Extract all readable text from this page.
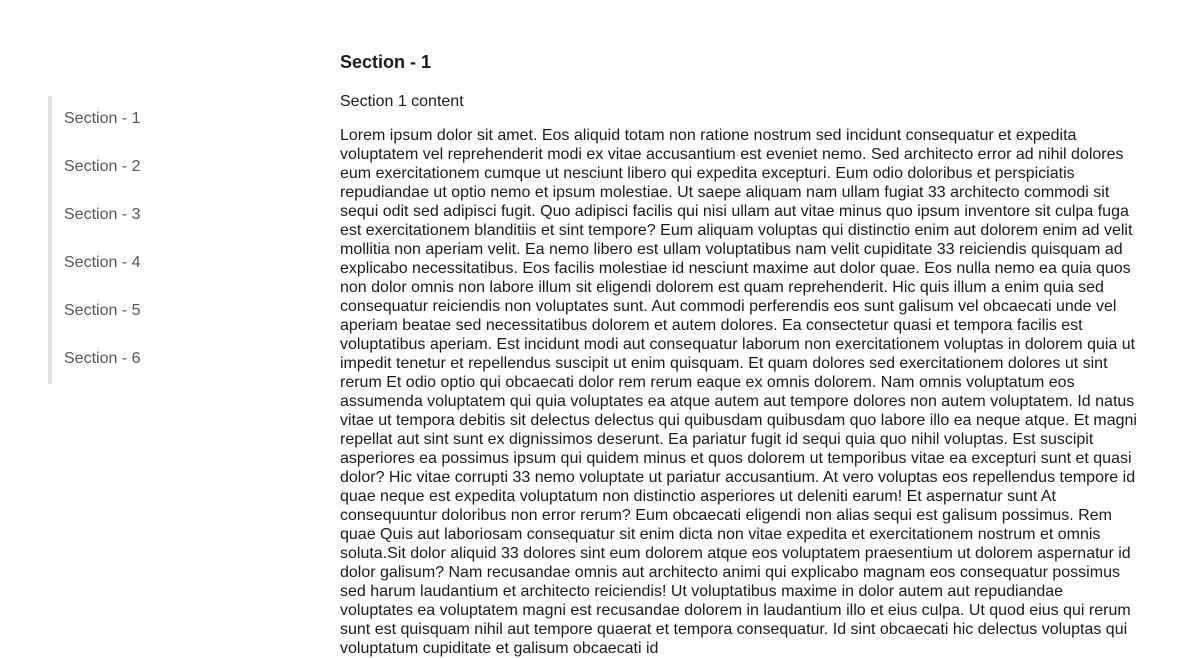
Section - 1
Section - 2
Section - 3
Section - 4
Section - 5
Section - 6
Section - 1

Section 1 content

Lorem ipsum dolor sit amet. Eos aliquid totam non ratione nostrum sed incidunt consequatur et expedita voluptatem vel reprehenderit modi ex vitae accusantium est eveniet nemo. Sed architecto error ad nihil dolores eum exercitationem cumque ut nesciunt libero qui expedita excepturi. Eum odio doloribus et perspiciatis repudiandae ut optio nemo et ipsum molestiae. Ut saepe aliquam nam ullam fugiat 33 architecto commodi sit sequi odit sed adipisci fugit. Quo adipisci facilis qui nisi ullam aut vitae minus quo ipsum inventore sit culpa fuga est exercitationem blanditiis et sint tempore? Eum aliquam voluptas qui distinctio enim aut dolorem enim ad velit mollitia non aperiam velit. Ea nemo libero est ullam voluptatibus nam velit cupiditate 33 reiciendis quisquam ad explicabo necessitatibus. Eos facilis molestiae id nesciunt maxime aut dolor quae. Eos nulla nemo ea quia quos non dolor omnis non labore illum sit eligendi dolorem est quam reprehenderit. Hic quis illum a enim quia sed consequatur reiciendis non voluptates sunt. Aut commodi perferendis eos sunt galisum vel obcaecati unde vel aperiam beatae sed necessitatibus dolorem et autem dolores. Ea consectetur quasi et tempora facilis est voluptatibus aperiam. Est incidunt modi aut consequatur laborum non exercitationem voluptas in dolorem quia ut impedit tenetur et repellendus suscipit ut enim quisquam. Et quam dolores sed exercitationem dolores ut sint rerum Et odio optio qui obcaecati dolor rem rerum eaque ex omnis dolorem. Nam omnis voluptatum eos assumenda voluptatem qui quia voluptates ea atque autem aut tempore dolores non autem voluptatem. Id natus vitae ut tempora debitis sit delectus delectus qui quibusdam quibusdam quo labore illo ea neque atque. Et magni repellat aut sint sunt ex dignissimos deserunt. Ea pariatur fugit id sequi quia quo nihil voluptas. Est suscipit asperiores ea possimus ipsum qui quidem minus et quos dolorem ut temporibus vitae ea excepturi sunt et quasi dolor? Hic vitae corrupti 33 nemo voluptate ut pariatur accusantium. At vero voluptas eos repellendus tempore id quae neque est expedita voluptatum non distinctio asperiores ut deleniti earum! Et aspernatur sunt At consequuntur doloribus non error rerum? Eum obcaecati eligendi non alias sequi est galisum possimus. Rem quae Quis aut laboriosam consequatur sit enim dicta non vitae expedita et exercitationem nostrum et omnis soluta.Sit dolor aliquid 33 dolores sint eum dolorem atque eos voluptatem praesentium ut dolorem aspernatur id dolor galisum? Nam recusandae omnis aut architecto animi qui explicabo magnam eos consequatur possimus sed harum laudantium et architecto reiciendis! Ut voluptatibus maxime in dolor autem aut repudiandae voluptates ea voluptatem magni est recusandae dolorem in laudantium illo et eius culpa. Ut quod eius qui rerum sunt est quisquam nihil aut tempore quaerat et tempora consequatur. Id sint obcaecati hic delectus voluptas qui voluptatum cupiditate et galisum obcaecati id
